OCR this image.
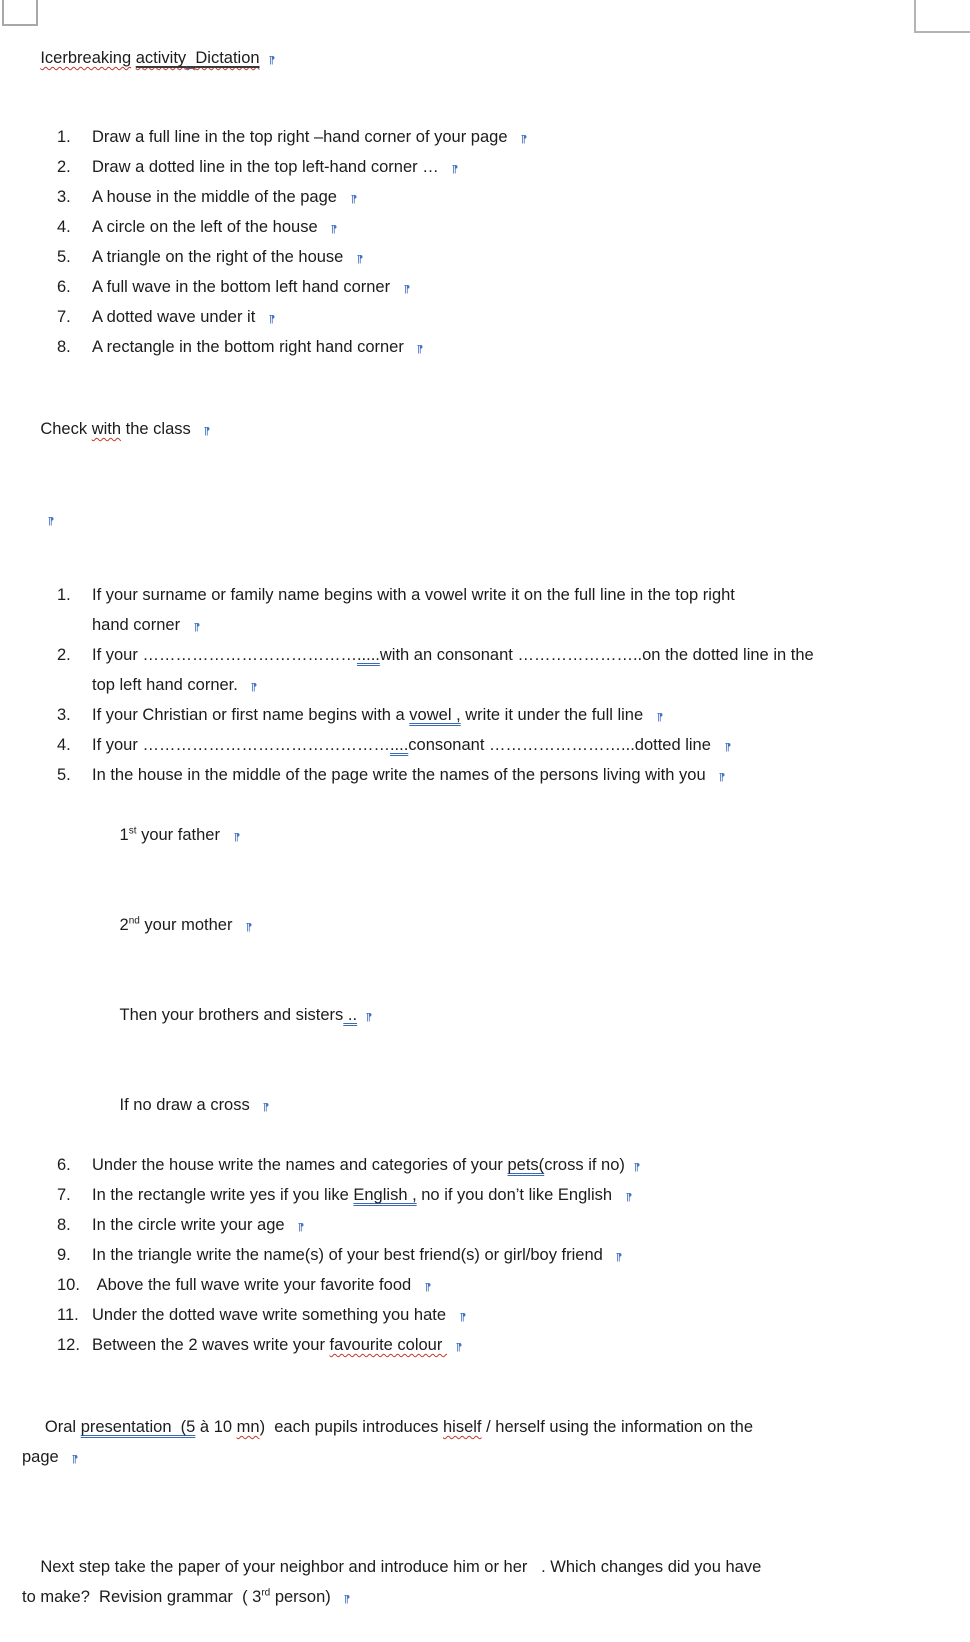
Icerbreaking activity Dictation ¶

1.	Draw a full line in the top right –hand corner of your page ¶
2.	Draw a dotted line in the top left-hand corner … ¶
3.	A house in the middle of the page ¶
4.	A circle on the left of the house ¶
5.	A triangle on the right of the house ¶
6.	A full wave in the bottom left hand corner ¶
7.	A dotted wave under it ¶
8.	A rectangle in the bottom right hand corner ¶

Check with the class ¶

¶

1.	If your surname or family name begins with a vowel write it on the full line in the top right
hand corner ¶
2.	If your ………………………………….....with an consonant …………………..on the dotted line in the
top left hand corner. ¶
3.	If your Christian or first name begins with a vowel , write it under the full line ¶
4.	If your ………………………………………....consonant ……………………...dotted line ¶
5.	In the house in the middle of the page write the names of the persons living with you ¶

1st your father ¶

2nd your mother ¶

Then your brothers and sisters .. ¶

If no draw a cross ¶

6.	Under the house write the names and categories of your pets(cross if no) ¶
7.	In the rectangle write yes if you like English , no if you don’t like English ¶
8.	In the circle write your age ¶
9.	In the triangle write the name(s) of your best friend(s) or girl/boy friend ¶
10. Above the full wave write your favorite food ¶
11. Under the dotted wave write something you hate ¶
12. Between the 2 waves write your favourite colour ¶

Oral presentation  (5 à 10 mn)  each pupils introduces hiself / herself using the information on the
page ¶

Next step take the paper of your neighbor and introduce him or her   . Which changes did you have
to make?  Revision grammar  ( 3rd person) ¶
